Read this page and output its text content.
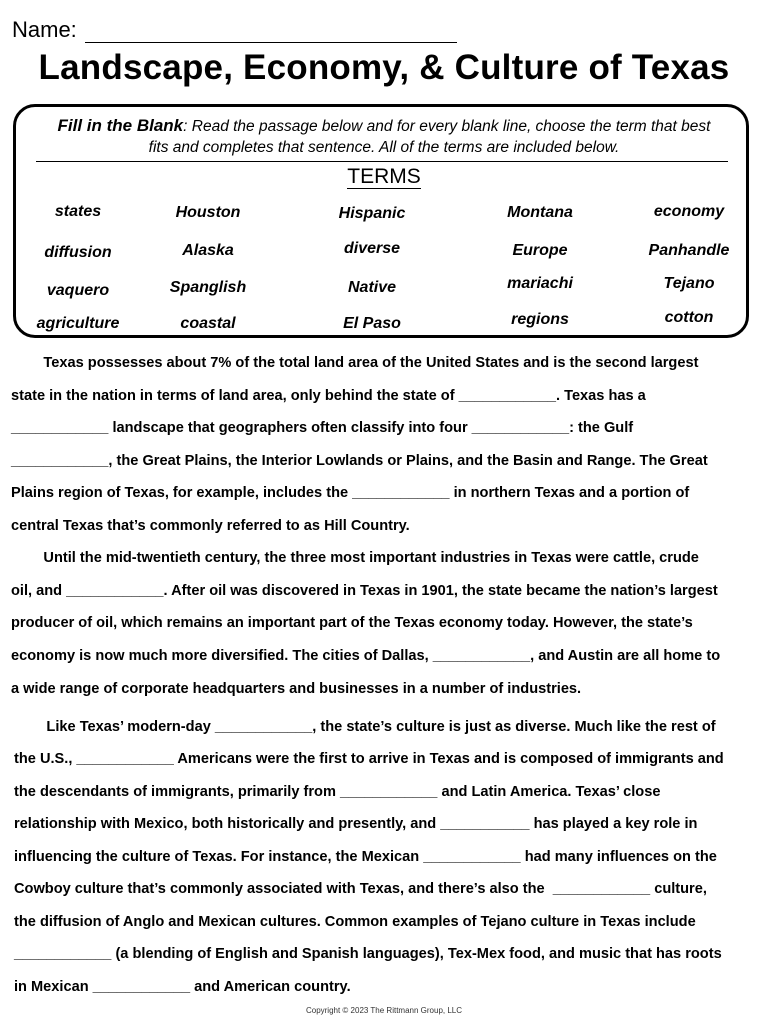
Name:
Landscape, Economy, & Culture of Texas
Fill in the Blank: Read the passage below and for every blank line, choose the term that best
fits and completes that sentence. All of the terms are included below.
TERMS
states	Houston	Hispanic	Montana	economy
diffusion	Alaska	diverse	Europe	Panhandle
vaquero	Spanglish	Native	mariachi	Tejano
agriculture	coastal	El Paso	regions	cotton
Texas possesses about 7% of the total land area of the United States and is the second largest
state in the nation in terms of land area, only behind the state of ____________. Texas has a
____________ landscape that geographers often classify into four ____________: the Gulf
____________, the Great Plains, the Interior Lowlands or Plains, and the Basin and Range. The Great
Plains region of Texas, for example, includes the ____________ in northern Texas and a portion of
central Texas that’s commonly referred to as Hill Country.
Until the mid-twentieth century, the three most important industries in Texas were cattle, crude
oil, and ____________. After oil was discovered in Texas in 1901, the state became the nation’s largest
producer of oil, which remains an important part of the Texas economy today. However, the state’s
economy is now much more diversified. The cities of Dallas, ____________, and Austin are all home to
a wide range of corporate headquarters and businesses in a number of industries.
Like Texas’ modern-day ____________, the state’s culture is just as diverse. Much like the rest of
the U.S., ____________ Americans were the first to arrive in Texas and is composed of immigrants and
the descendants of immigrants, primarily from ____________ and Latin America. Texas’ close
relationship with Mexico, both historically and presently, and ___________ has played a key role in
influencing the culture of Texas. For instance, the Mexican ____________ had many influences on the
Cowboy culture that’s commonly associated with Texas, and there’s also the  ____________ culture,
the diffusion of Anglo and Mexican cultures. Common examples of Tejano culture in Texas include
____________ (a blending of English and Spanish languages), Tex-Mex food, and music that has roots
in Mexican ____________ and American country.
Copyright © 2023 The Rittmann Group, LLC
